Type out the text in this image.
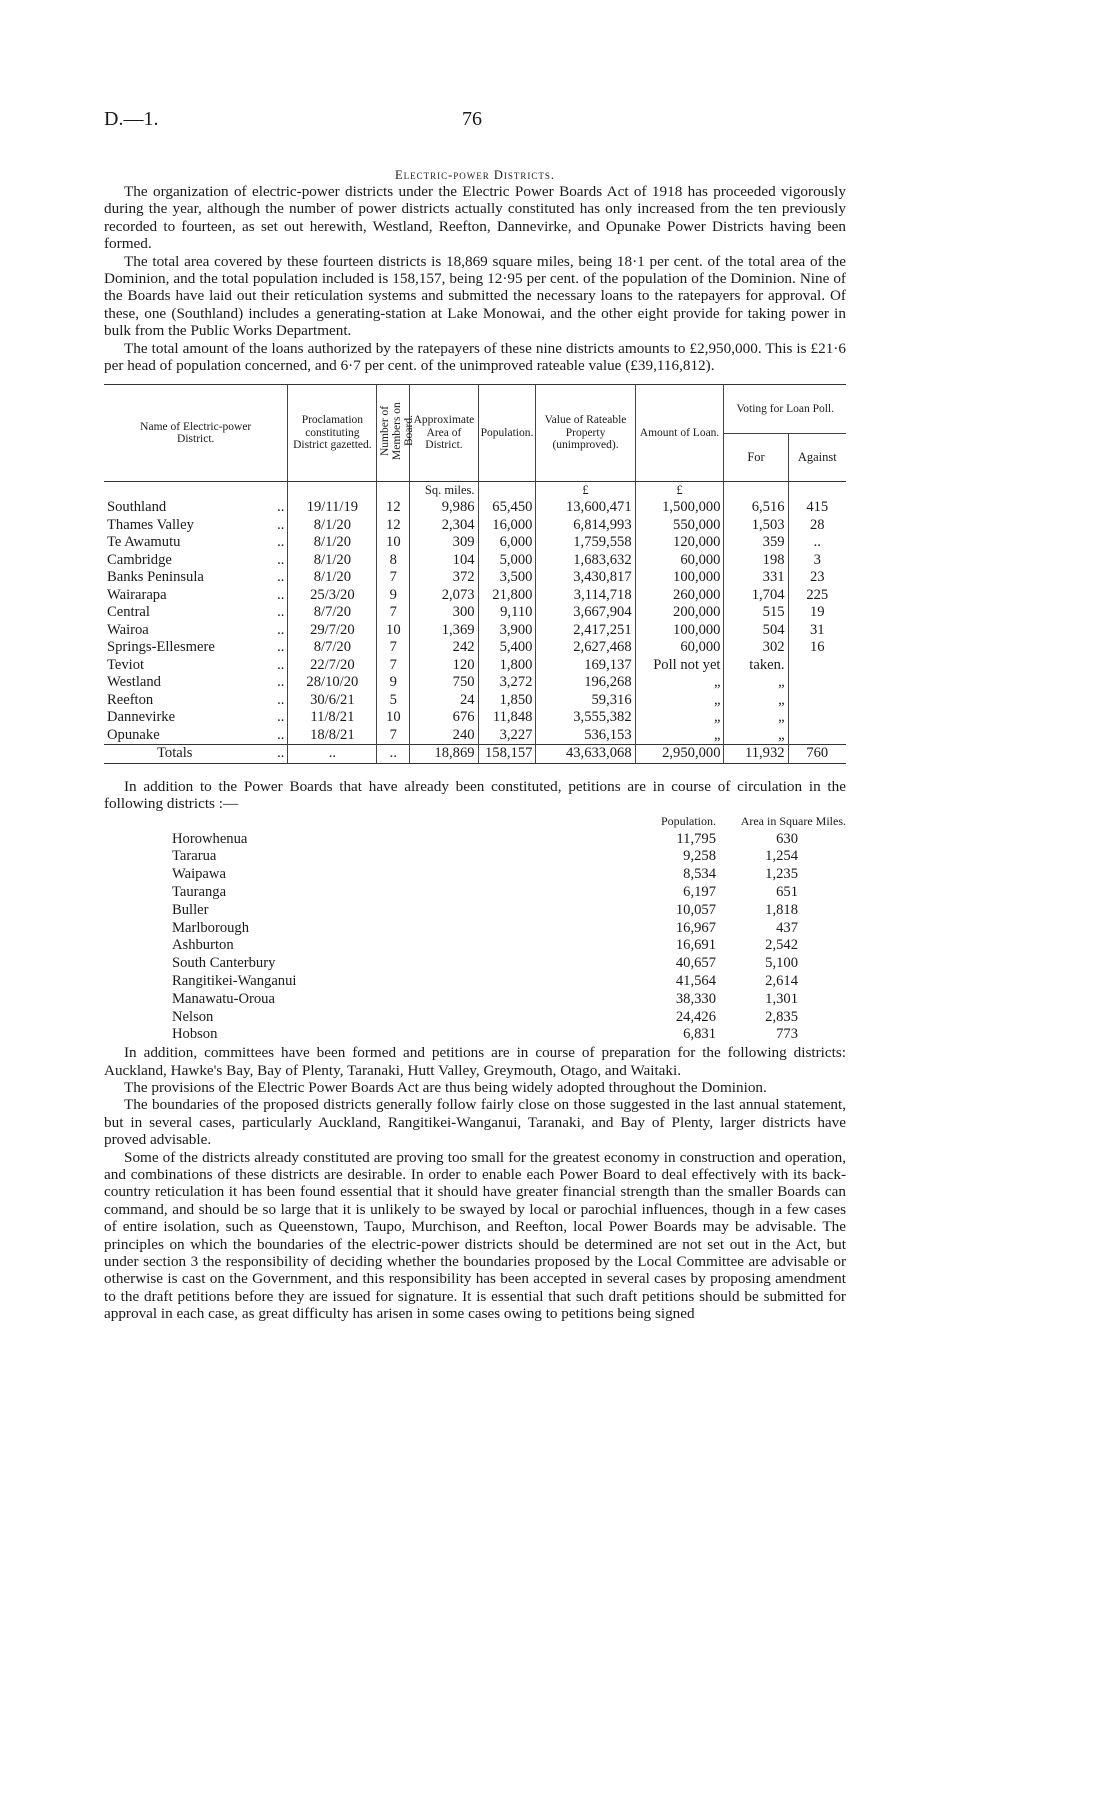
D.—1.	76
Electric-power Districts.

The organization of electric-power districts under the Electric Power Boards Act of 1918 has proceeded vigorously during the year, although the number of power districts actually constituted has only increased from the ten previously recorded to fourteen, as set out herewith, Westland, Reefton, Dannevirke, and Opunake Power Districts having been formed.

The total area covered by these fourteen districts is 18,869 square miles, being 18·1 per cent. of the total area of the Dominion, and the total population included is 158,157, being 12·95 per cent. of the population of the Dominion. Nine of the Boards have laid out their reticulation systems and submitted the necessary loans to the ratepayers for approval. Of these, one (Southland) includes a generating-station at Lake Monowai, and the other eight provide for taking power in bulk from the Public Works Department.

The total amount of the loans authorized by the ratepayers of these nine districts amounts to £2,950,000. This is £21·6 per head of population concerned, and 6·7 per cent. of the unimproved rateable value (£39,116,812).

Name of Electric-power District.	Proclamation constituting District gazetted.	Number of Members on Board.	Approximate Area of District.	Population.	Value of Rateable Property (unimproved).	Amount of Loan.	Voting for Loan Poll.	
							For	Against
			Sq. miles.		£	£		
Southland ..	19/11/19	12	9,986	65,450	13,600,471	1,500,000	6,516	415
Thames Valley ..	8/1/20	12	2,304	16,000	6,814,993	550,000	1,503	28
Te Awamutu ..	8/1/20	10	309	6,000	1,759,558	120,000	359	..
Cambridge ..	8/1/20	8	104	5,000	1,683,632	60,000	198	3
Banks Peninsula ..	8/1/20	7	372	3,500	3,430,817	100,000	331	23
Wairarapa ..	25/3/20	9	2,073	21,800	3,114,718	260,000	1,704	225
Central ..	8/7/20	7	300	9,110	3,667,904	200,000	515	19
Wairoa ..	29/7/20	10	1,369	3,900	2,417,251	100,000	504	31
Springs-Ellesmere ..	8/7/20	7	242	5,400	2,627,468	60,000	302	16
Teviot ..	22/7/20	7	120	1,800	169,137	Poll not yet	taken.	
Westland ..	28/10/20	9	750	3,272	196,268	„	„	
Reefton ..	30/6/21	5	24	1,850	59,316	„	„	
Dannevirke ..	11/8/21	10	676	11,848	3,555,382	„	„	
Opunake ..	18/8/21	7	240	3,227	536,153	„	„	
Totals ..	..	..	18,869	158,157	43,633,068	2,950,000	11,932	760

In addition to the Power Boards that have already been constituted, petitions are in course of circulation in the following districts :—

	Population.	Area in Square Miles.
Horowhenua	11,795	630
Tararua	9,258	1,254
Waipawa	8,534	1,235
Tauranga	6,197	651
Buller	10,057	1,818
Marlborough	16,967	437
Ashburton	16,691	2,542
South Canterbury	40,657	5,100
Rangitikei-Wanganui	41,564	2,614
Manawatu-Oroua	38,330	1,301
Nelson	24,426	2,835
Hobson	6,831	773

In addition, committees have been formed and petitions are in course of preparation for the following districts: Auckland, Hawke's Bay, Bay of Plenty, Taranaki, Hutt Valley, Greymouth, Otago, and Waitaki.

The provisions of the Electric Power Boards Act are thus being widely adopted throughout the Dominion.

The boundaries of the proposed districts generally follow fairly close on those suggested in the last annual statement, but in several cases, particularly Auckland, Rangitikei-Wanganui, Taranaki, and Bay of Plenty, larger districts have proved advisable.

Some of the districts already constituted are proving too small for the greatest economy in construction and operation, and combinations of these districts are desirable. In order to enable each Power Board to deal effectively with its back-country reticulation it has been found essential that it should have greater financial strength than the smaller Boards can command, and should be so large that it is unlikely to be swayed by local or parochial influences, though in a few cases of entire isolation, such as Queenstown, Taupo, Murchison, and Reefton, local Power Boards may be advisable. The principles on which the boundaries of the electric-power districts should be determined are not set out in the Act, but under section 3 the responsibility of deciding whether the boundaries proposed by the Local Committee are advisable or otherwise is cast on the Government, and this responsibility has been accepted in several cases by proposing amendment to the draft petitions before they are issued for signature. It is essential that such draft petitions should be submitted for approval in each case, as great difficulty has arisen in some cases owing to petitions being signed
